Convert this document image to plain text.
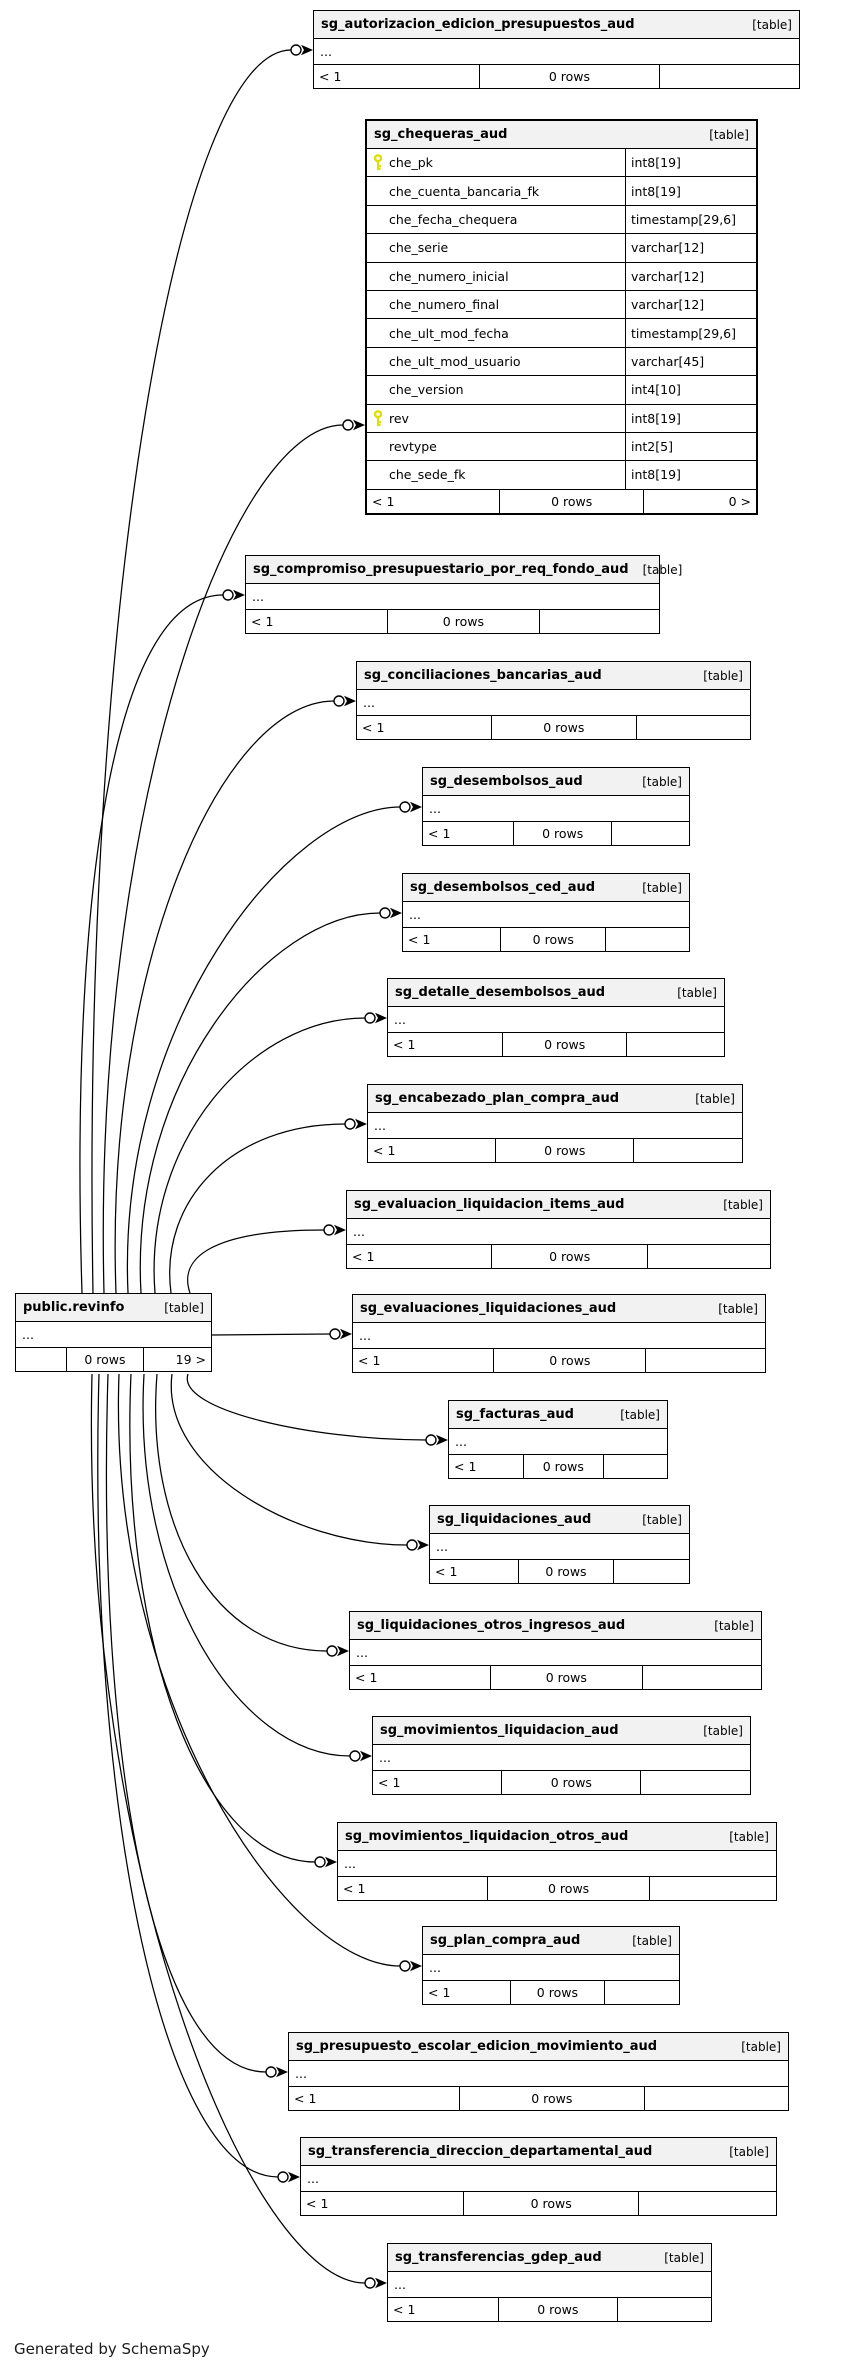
sg_autorizacion_edicion_presupuestos_aud	[table]
...
< 1	0 rows
sg_compromiso_presupuestario_por_req_fondo_aud	[table]
...
< 1	0 rows
sg_conciliaciones_bancarias_aud	[table]
...
< 1	0 rows
sg_desembolsos_aud	[table]
...
< 1	0 rows
sg_desembolsos_ced_aud	[table]
...
< 1	0 rows
sg_detalle_desembolsos_aud	[table]
...
< 1	0 rows
sg_encabezado_plan_compra_aud	[table]
...
< 1	0 rows
sg_evaluacion_liquidacion_items_aud	[table]
...
< 1	0 rows
sg_evaluaciones_liquidaciones_aud	[table]
...
< 1	0 rows
sg_facturas_aud	[table]
...
< 1	0 rows
sg_liquidaciones_aud	[table]
...
< 1	0 rows
sg_liquidaciones_otros_ingresos_aud	[table]
...
< 1	0 rows
sg_movimientos_liquidacion_aud	[table]
...
< 1	0 rows
sg_movimientos_liquidacion_otros_aud	[table]
...
< 1	0 rows
sg_plan_compra_aud	[table]
...
< 1	0 rows
sg_presupuesto_escolar_edicion_movimiento_aud	[table]
...
< 1	0 rows
sg_transferencia_direccion_departamental_aud	[table]
...
< 1	0 rows
sg_transferencias_gdep_aud	[table]
...
< 1	0 rows
public.revinfo	[table]
...
0 rows	19 >
sg_chequeras_aud	[table]
che_pk	int8[19]
che_cuenta_bancaria_fk	int8[19]
che_fecha_chequera	timestamp[29,6]
che_serie	varchar[12]
che_numero_inicial	varchar[12]
che_numero_final	varchar[12]
che_ult_mod_fecha	timestamp[29,6]
che_ult_mod_usuario	varchar[45]
che_version	int4[10]
rev	int8[19]
revtype	int2[5]
che_sede_fk	int8[19]
< 1	0 rows	0 >
Generated by SchemaSpy
